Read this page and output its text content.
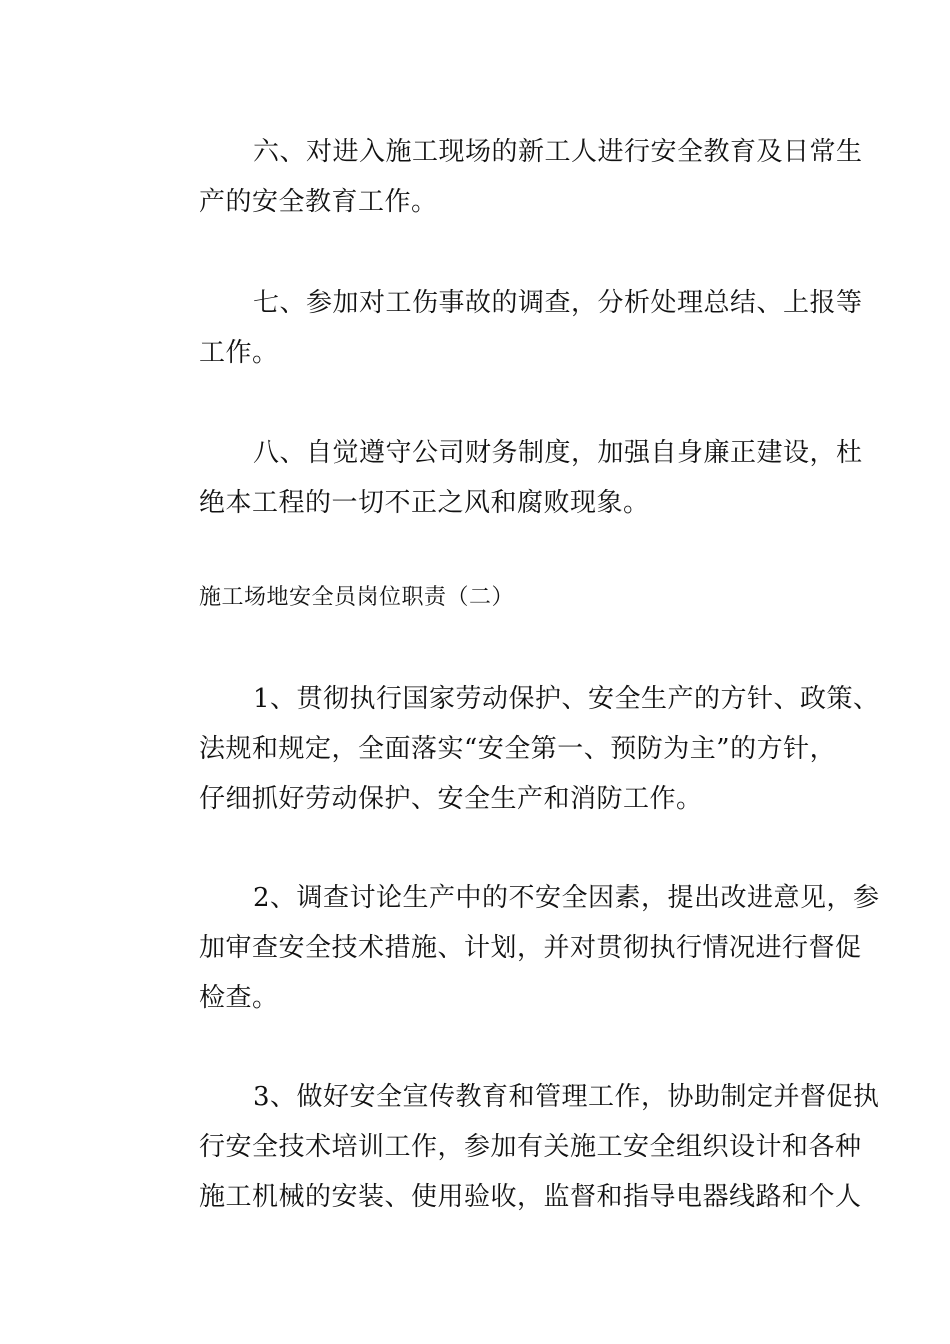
六、对进入施工现场的新工人进行安全教育及日常生
产的安全教育工作。
七、参加对工伤事故的调查，分析处理总结、上报等
工作。
八、自觉遵守公司财务制度，加强自身廉正建设，杜
绝本工程的一切不正之风和腐败现象。
施工场地安全员岗位职责（二）
1、贯彻执行国家劳动保护、安全生产的方针、政策、
法规和规定，全面落实“安全第一、预防为主”的方针，
仔细抓好劳动保护、安全生产和消防工作。
2、调查讨论生产中的不安全因素，提出改进意见，参
加审查安全技术措施、计划，并对贯彻执行情况进行督促
检查。
3、做好安全宣传教育和管理工作，协助制定并督促执
行安全技术培训工作，参加有关施工安全组织设计和各种
施工机械的安装、使用验收，监督和指导电器线路和个人
